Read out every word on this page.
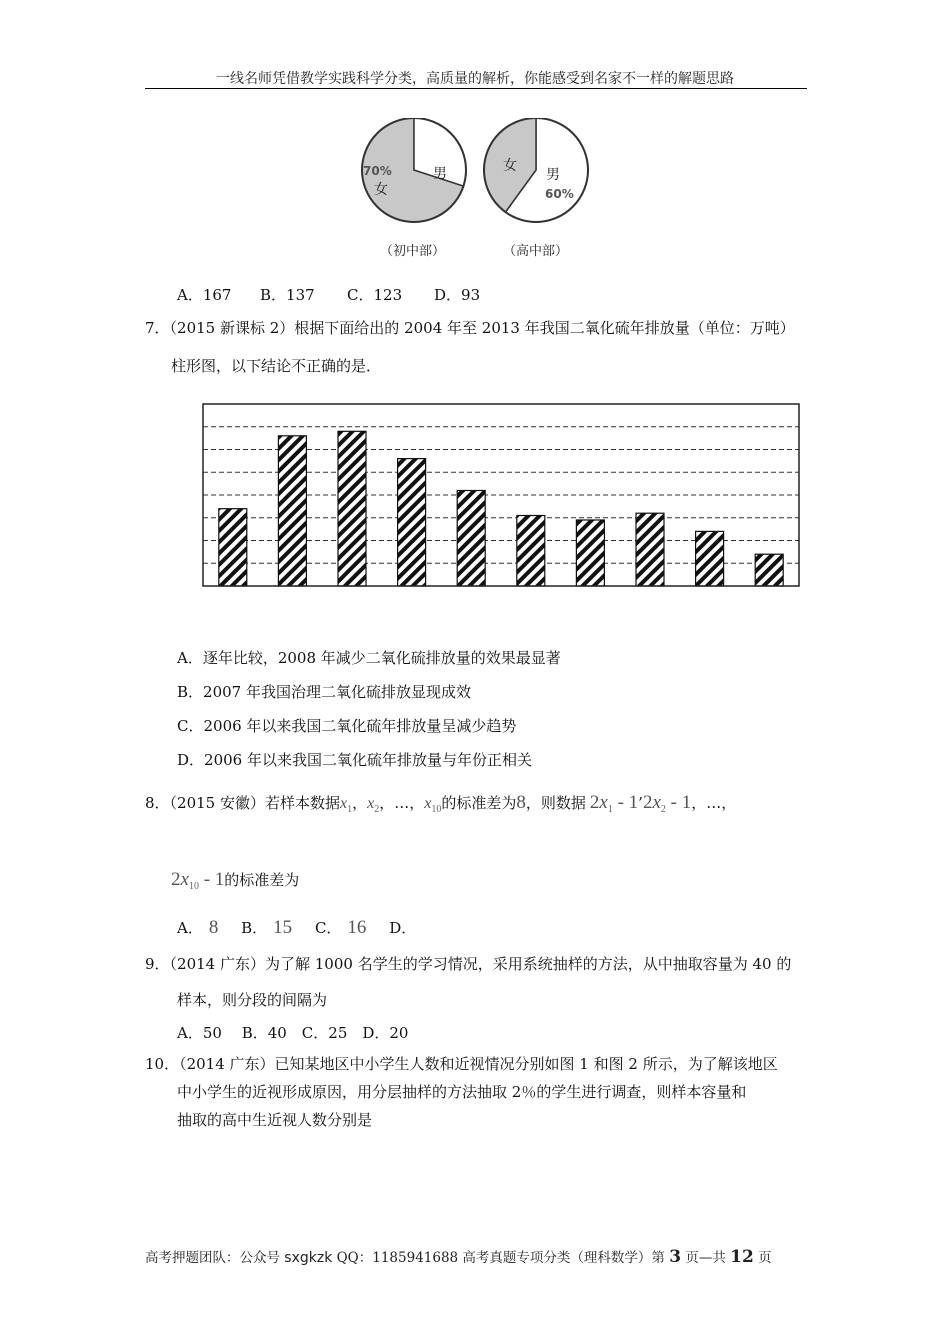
一线名师凭借教学实践科学分类，高质量的解析，你能感受到名家不一样的解题思路
70%
女
男
（初中部）
女
男
60%
（高中部）
A．167 B．137 C．123 D．93
7．（2015 新课标 2）根据下面给出的 2004 年至 2013 年我国二氧化硫年排放量（单位：万吨）
柱形图，以下结论不正确的是．
A．逐年比较，2008 年减少二氧化硫排放量的效果最显著
B．2007 年我国治理二氧化硫排放显现成效
C．2006 年以来我国二氧化硫年排放量呈减少趋势
D．2006 年以来我国二氧化硫年排放量与年份正相关
8．（2015 安徽）若样本数据$x_1$，$x_2$，…，$x_{10}$的标准差为8，则数据 $2x_1$ - $1’2x_2 - 1$，…，
$2x_{10} - 1$的标准差为
A． 8 B． 15 C． 16 D．
9．（2014 广东）为了解 1000 名学生的学习情况，采用系统抽样的方法，从中抽取容量为 40 的
样本，则分段的间隔为
A．50　 B．40　C．25　D．20
10．（2014 广东）已知某地区中小学生人数和近视情况分别如图 1 和图 2 所示，为了解该地区
中小学生的近视形成原因，用分层抽样的方法抽取 2％的学生进行调查，则样本容量和
抽取的高中生近视人数分别是
高考押题团队：公众号 sxgkzk QQ：1185941688 高考真题专项分类（理科数学）第 3 页—共 12 页
